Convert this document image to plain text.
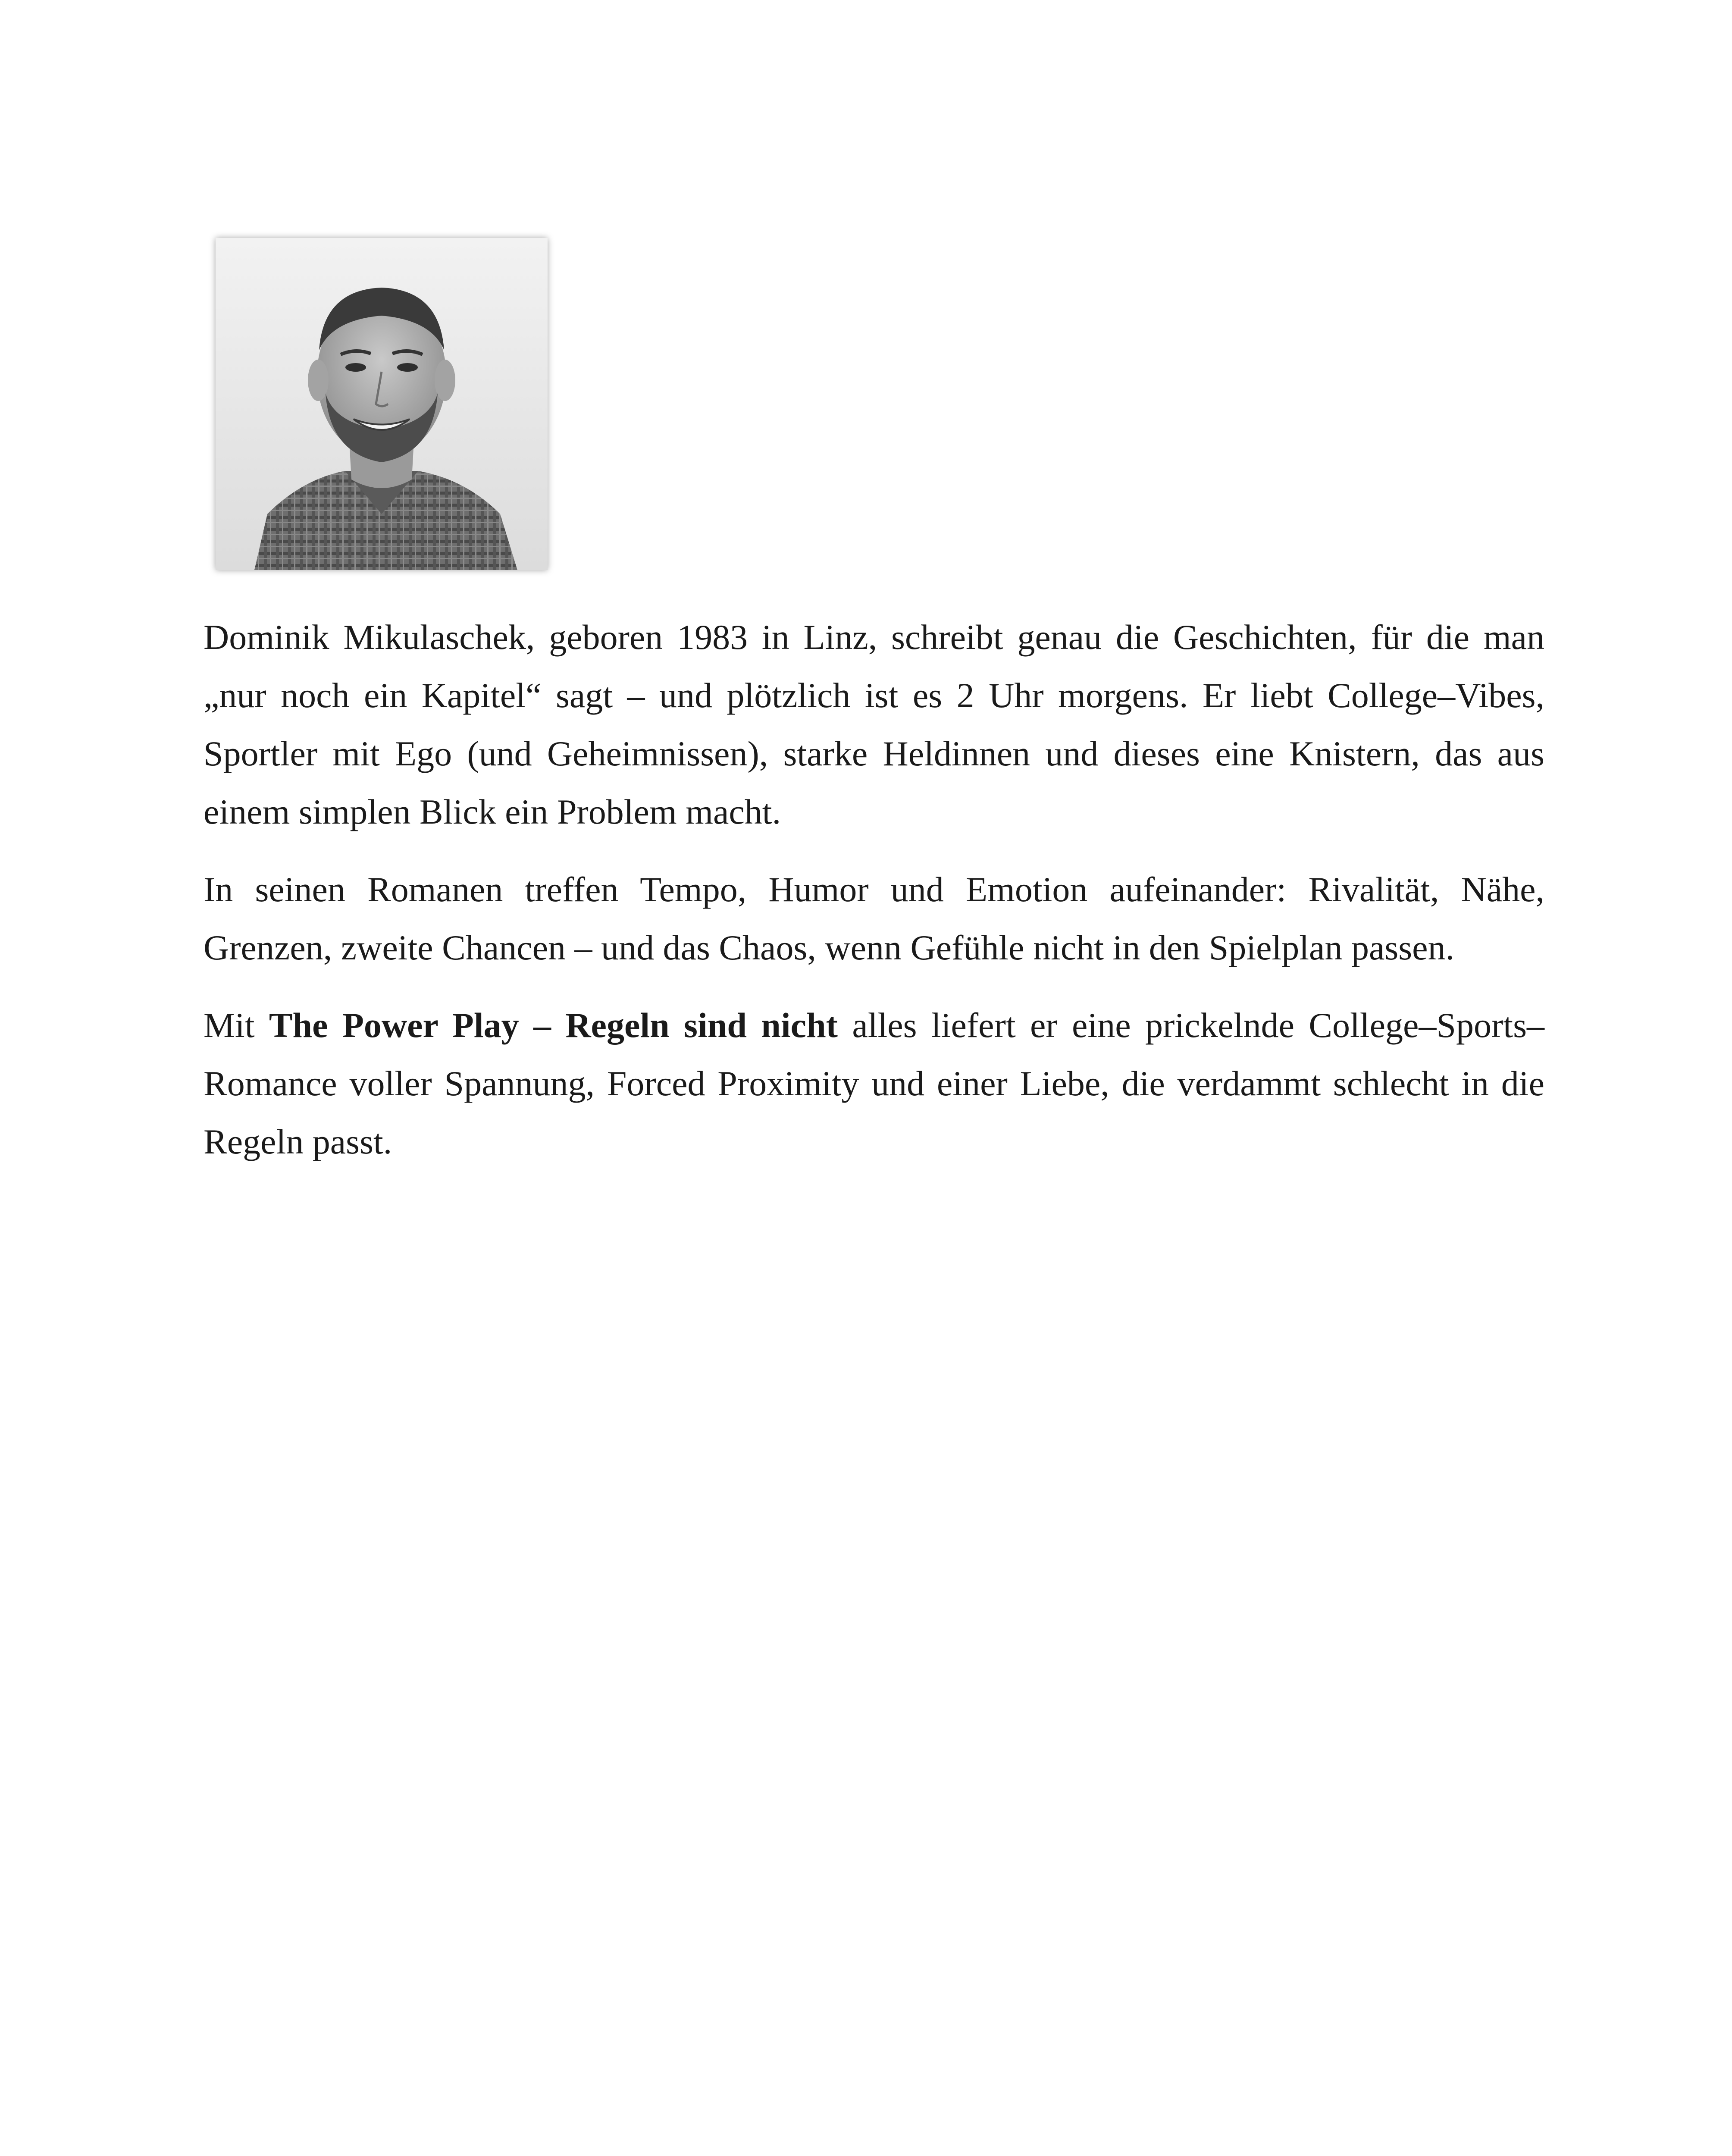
Dominik Mikulaschek, geboren 1983 in Linz, schreibt genau die Geschichten, für die man „nur noch ein Kapitel“ sagt – und plötzlich ist es 2 Uhr morgens. Er liebt College–Vibes, Sportler mit Ego (und Geheimnissen), starke Heldinnen und dieses eine Knistern, das aus einem simplen Blick ein Problem macht.

In seinen Romanen treffen Tempo, Humor und Emotion aufeinander: Rivalität, Nähe, Grenzen, zweite Chancen – und das Chaos, wenn Gefühle nicht in den Spielplan passen.

Mit The Power Play – Regeln sind nicht alles liefert er eine prickelnde College–Sports–Romance voller Spannung, Forced Proximity und einer Liebe, die verdammt schlecht in die Regeln passt.
